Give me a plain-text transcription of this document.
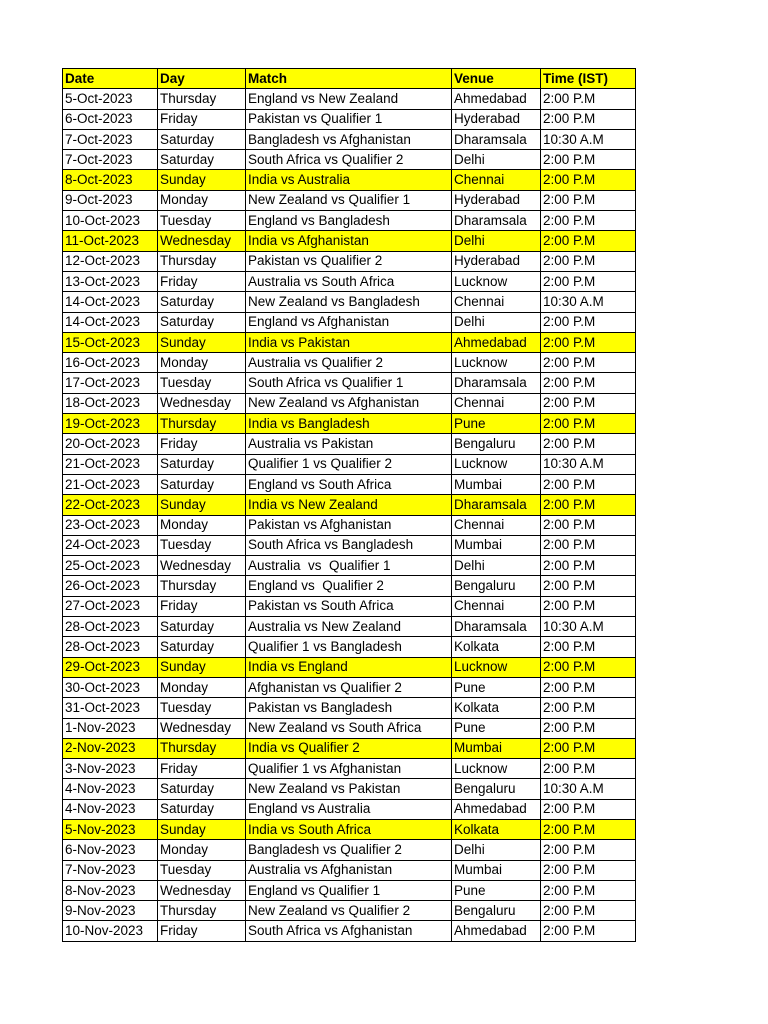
Date	Day	Match	Venue	Time (IST)
5-Oct-2023	Thursday	England vs New Zealand	Ahmedabad	2:00 P.M
6-Oct-2023	Friday	Pakistan vs Qualifier 1	Hyderabad	2:00 P.M
7-Oct-2023	Saturday	Bangladesh vs Afghanistan	Dharamsala	10:30 A.M
7-Oct-2023	Saturday	South Africa vs Qualifier 2	Delhi	2:00 P.M
8-Oct-2023	Sunday	India vs Australia	Chennai	2:00 P.M
9-Oct-2023	Monday	New Zealand vs Qualifier 1	Hyderabad	2:00 P.M
10-Oct-2023	Tuesday	England vs Bangladesh	Dharamsala	2:00 P.M
11-Oct-2023	Wednesday	India vs Afghanistan	Delhi	2:00 P.M
12-Oct-2023	Thursday	Pakistan vs Qualifier 2	Hyderabad	2:00 P.M
13-Oct-2023	Friday	Australia vs South Africa	Lucknow	2:00 P.M
14-Oct-2023	Saturday	New Zealand vs Bangladesh	Chennai	10:30 A.M
14-Oct-2023	Saturday	England vs Afghanistan	Delhi	2:00 P.M
15-Oct-2023	Sunday	India vs Pakistan	Ahmedabad	2:00 P.M
16-Oct-2023	Monday	Australia vs Qualifier 2	Lucknow	2:00 P.M
17-Oct-2023	Tuesday	South Africa vs Qualifier 1	Dharamsala	2:00 P.M
18-Oct-2023	Wednesday	New Zealand vs Afghanistan	Chennai	2:00 P.M
19-Oct-2023	Thursday	India vs Bangladesh	Pune	2:00 P.M
20-Oct-2023	Friday	Australia vs Pakistan	Bengaluru	2:00 P.M
21-Oct-2023	Saturday	Qualifier 1 vs Qualifier 2	Lucknow	10:30 A.M
21-Oct-2023	Saturday	England vs South Africa	Mumbai	2:00 P.M
22-Oct-2023	Sunday	India vs New Zealand	Dharamsala	2:00 P.M
23-Oct-2023	Monday	Pakistan vs Afghanistan	Chennai	2:00 P.M
24-Oct-2023	Tuesday	South Africa vs Bangladesh	Mumbai	2:00 P.M
25-Oct-2023	Wednesday	Australia  vs  Qualifier 1	Delhi	2:00 P.M
26-Oct-2023	Thursday	England vs  Qualifier 2	Bengaluru	2:00 P.M
27-Oct-2023	Friday	Pakistan vs South Africa	Chennai	2:00 P.M
28-Oct-2023	Saturday	Australia vs New Zealand	Dharamsala	10:30 A.M
28-Oct-2023	Saturday	Qualifier 1 vs Bangladesh	Kolkata	2:00 P.M
29-Oct-2023	Sunday	India vs England	Lucknow	2:00 P.M
30-Oct-2023	Monday	Afghanistan vs Qualifier 2	Pune	2:00 P.M
31-Oct-2023	Tuesday	Pakistan vs Bangladesh	Kolkata	2:00 P.M
1-Nov-2023	Wednesday	New Zealand vs South Africa	Pune	2:00 P.M
2-Nov-2023	Thursday	India vs Qualifier 2	Mumbai	2:00 P.M
3-Nov-2023	Friday	Qualifier 1 vs Afghanistan	Lucknow	2:00 P.M
4-Nov-2023	Saturday	New Zealand vs Pakistan	Bengaluru	10:30 A.M
4-Nov-2023	Saturday	England vs Australia	Ahmedabad	2:00 P.M
5-Nov-2023	Sunday	India vs South Africa	Kolkata	2:00 P.M
6-Nov-2023	Monday	Bangladesh vs Qualifier 2	Delhi	2:00 P.M
7-Nov-2023	Tuesday	Australia vs Afghanistan	Mumbai	2:00 P.M
8-Nov-2023	Wednesday	England vs Qualifier 1	Pune	2:00 P.M
9-Nov-2023	Thursday	New Zealand vs Qualifier 2	Bengaluru	2:00 P.M
10-Nov-2023	Friday	South Africa vs Afghanistan	Ahmedabad	2:00 P.M
